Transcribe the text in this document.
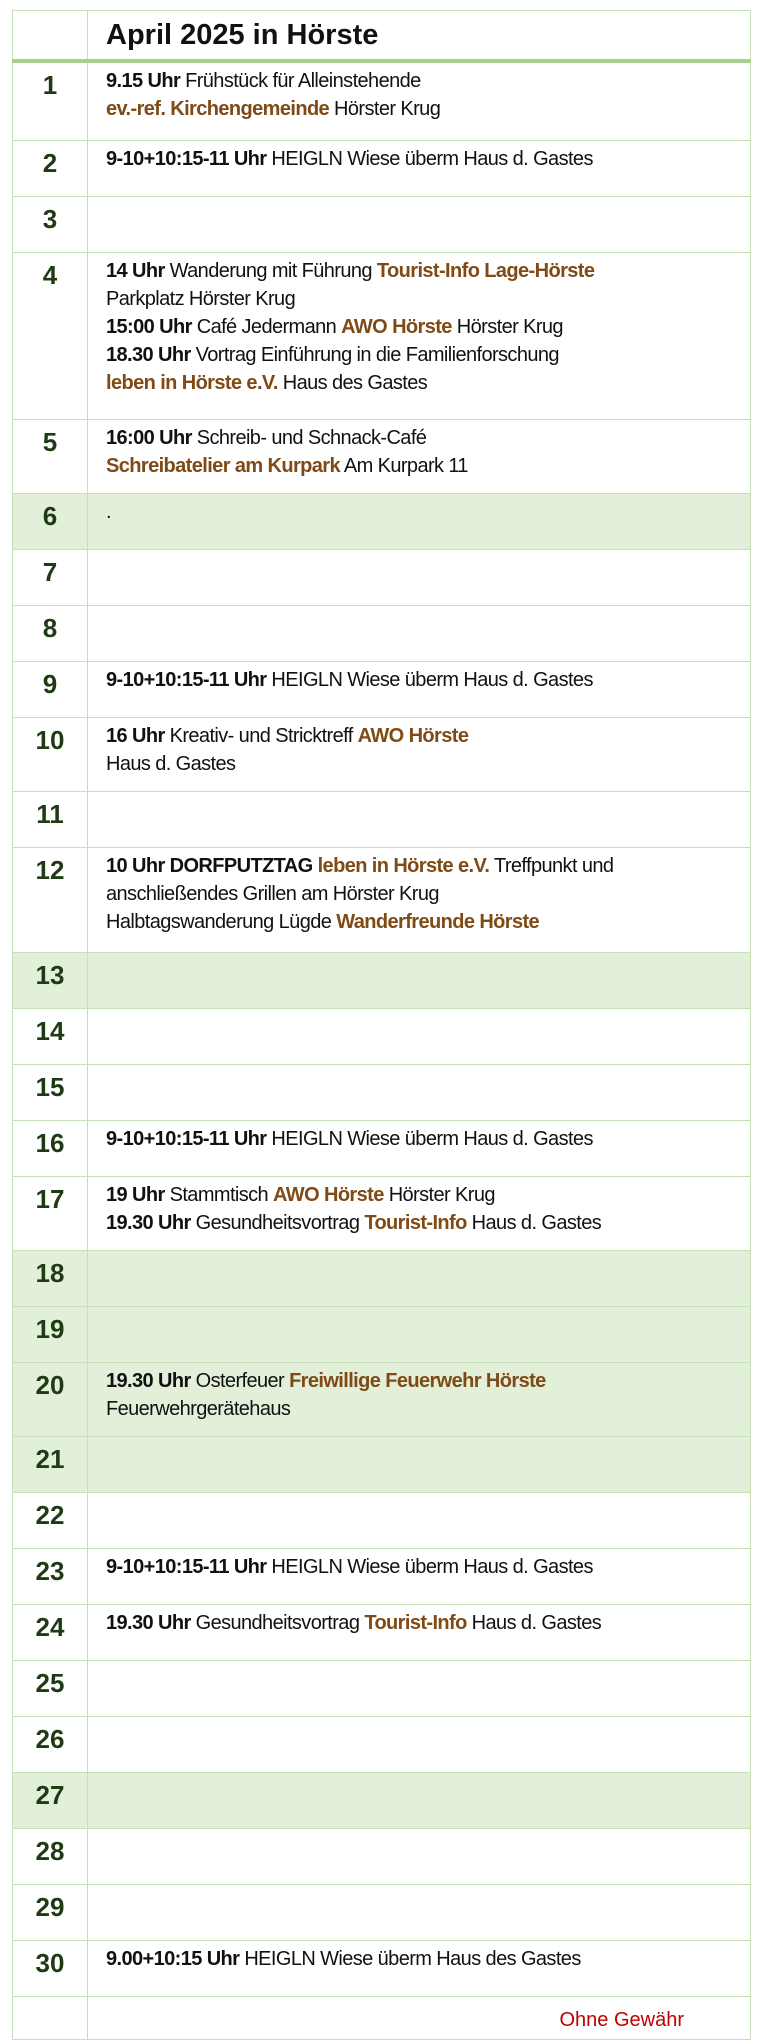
	April 2025 in Hörste

1	9.15 Uhr Frühstück für Alleinstehende
ev.-ref. Kirchengemeinde Hörster Krug

2	9-10+10:15-11 Uhr HEIGLN Wiese überm Haus d. Gastes

3	
4	14 Uhr Wanderung mit Führung Tourist-Info Lage-Hörste
Parkplatz Hörster Krug
15:00 Uhr Café Jedermann AWO Hörste Hörster Krug
18.30 Uhr Vortrag Einführung in die Familienforschung
leben in Hörste e.V. Haus des Gastes

5	16:00 Uhr Schreib- und Schnack-Café
Schreibatelier am Kurpark Am Kurpark 11

6	.

7	
8	
9	9-10+10:15-11 Uhr HEIGLN Wiese überm Haus d. Gastes

10	16 Uhr Kreativ- und Stricktreff AWO Hörste
Haus d. Gastes

11	
12	10 Uhr DORFPUTZTAG leben in Hörste e.V. Treffpunkt und
anschließendes Grillen am Hörster Krug
Halbtagswanderung Lügde Wanderfreunde Hörste

13	
14	
15	
16	9-10+10:15-11 Uhr HEIGLN Wiese überm Haus d. Gastes

17	19 Uhr Stammtisch AWO Hörste Hörster Krug
19.30 Uhr Gesundheitsvortrag Tourist-Info Haus d. Gastes

18	
19	
20	19.30 Uhr Osterfeuer Freiwillige Feuerwehr Hörste
Feuerwehrgerätehaus

21	
22	
23	9-10+10:15-11 Uhr HEIGLN Wiese überm Haus d. Gastes

24	19.30 Uhr Gesundheitsvortrag Tourist-Info Haus d. Gastes

25	
26	
27	
28	
29	
30	9.00+10:15 Uhr HEIGLN Wiese überm Haus des Gastes

	Ohne Gewähr
